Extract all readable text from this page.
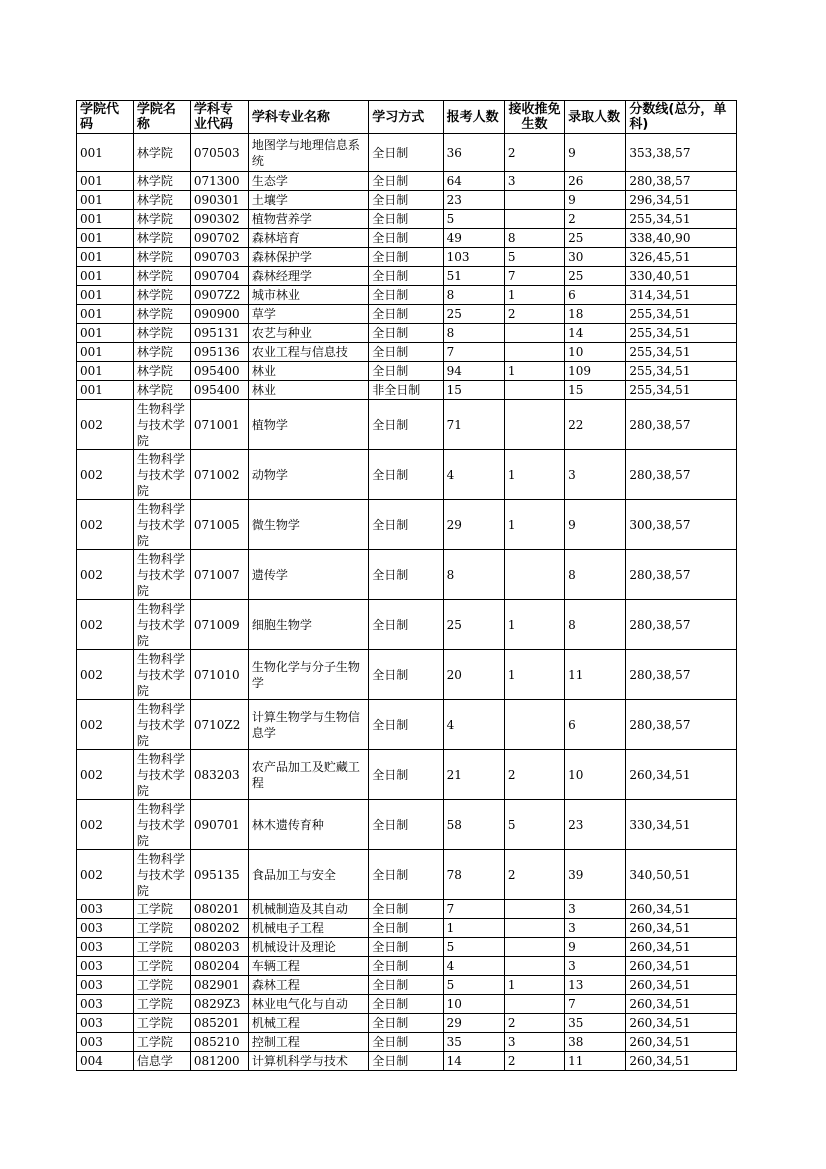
学院代码	学院名称	学科专业代码	学科专业名称	学习方式	报考人数	接收推免生数	录取人数	分数线(总分，单科)
001	林学院	070503	地图学与地理信息系统	全日制	36	2	9	353,38,57
001	林学院	071300	生态学	全日制	64	3	26	280,38,57
001	林学院	090301	土壤学	全日制	23		9	296,34,51
001	林学院	090302	植物营养学	全日制	5		2	255,34,51
001	林学院	090702	森林培育	全日制	49	8	25	338,40,90
001	林学院	090703	森林保护学	全日制	103	5	30	326,45,51
001	林学院	090704	森林经理学	全日制	51	7	25	330,40,51
001	林学院	0907Z2	城市林业	全日制	8	1	6	314,34,51
001	林学院	090900	草学	全日制	25	2	18	255,34,51
001	林学院	095131	农艺与种业	全日制	8		14	255,34,51
001	林学院	095136	农业工程与信息技	全日制	7		10	255,34,51
001	林学院	095400	林业	全日制	94	1	109	255,34,51
001	林学院	095400	林业	非全日制	15		15	255,34,51
002	生物科学与技术学院	071001	植物学	全日制	71		22	280,38,57
002	生物科学与技术学院	071002	动物学	全日制	4	1	3	280,38,57
002	生物科学与技术学院	071005	微生物学	全日制	29	1	9	300,38,57
002	生物科学与技术学院	071007	遗传学	全日制	8		8	280,38,57
002	生物科学与技术学院	071009	细胞生物学	全日制	25	1	8	280,38,57
002	生物科学与技术学院	071010	生物化学与分子生物学	全日制	20	1	11	280,38,57
002	生物科学与技术学院	0710Z2	计算生物学与生物信息学	全日制	4		6	280,38,57
002	生物科学与技术学院	083203	农产品加工及贮藏工程	全日制	21	2	10	260,34,51
002	生物科学与技术学院	090701	林木遗传育种	全日制	58	5	23	330,34,51
002	生物科学与技术学院	095135	食品加工与安全	全日制	78	2	39	340,50,51
003	工学院	080201	机械制造及其自动	全日制	7		3	260,34,51
003	工学院	080202	机械电子工程	全日制	1		3	260,34,51
003	工学院	080203	机械设计及理论	全日制	5		9	260,34,51
003	工学院	080204	车辆工程	全日制	4		3	260,34,51
003	工学院	082901	森林工程	全日制	5	1	13	260,34,51
003	工学院	0829Z3	林业电气化与自动	全日制	10		7	260,34,51
003	工学院	085201	机械工程	全日制	29	2	35	260,34,51
003	工学院	085210	控制工程	全日制	35	3	38	260,34,51
004	信息学	081200	计算机科学与技术	全日制	14	2	11	260,34,51
